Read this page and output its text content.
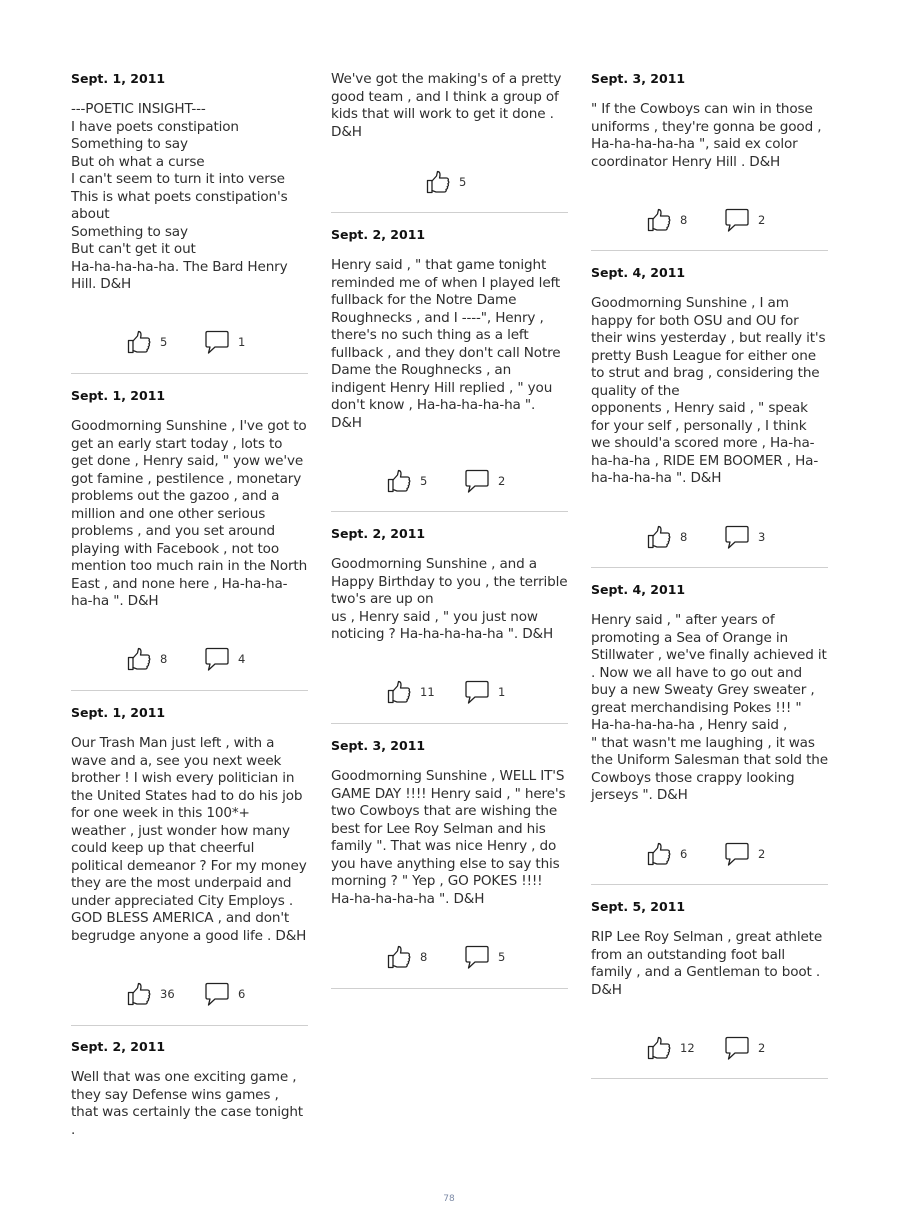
Sept. 1, 2011
---POETIC INSIGHT---
I have poets constipation
Something to say
But oh what a curse
I can't seem to turn it into verse
This is what poets constipation's about
Something to say
But can't get it out
Ha-ha-ha-ha-ha. The Bard Henry Hill. D&H
5	1
Sept. 1, 2011
Goodmorning Sunshine , I've got to get an early start today , lots to get done , Henry said, " yow we've got famine , pestilence , monetary problems out the gazoo , and a million and one other serious problems , and you set around playing with Facebook , not too mention too much rain in the North East , and none here , Ha-ha-ha-ha-ha ". D&H
8	4
Sept. 1, 2011
Our Trash Man just left , with a wave and a, see you next week brother ! I wish every politician in the United States had to do his job for one week in this 100*+ weather , just wonder how many could keep up that cheerful political demeanor ? For my money they are the most underpaid and under appreciated City Employs . GOD BLESS AMERICA , and don't begrudge anyone a good life . D&H
36	6
Sept. 2, 2011
Well that was one exciting game , they say Defense wins games , that was certainly the case tonight .
We've got the making's of a pretty good team , and I think a group of kids that will work to get it done . D&H
5
Sept. 2, 2011
Henry said , " that game tonight reminded me of when I played left fullback for the Notre Dame Roughnecks , and I ----", Henry , there's no such thing as a left fullback , and they don't call Notre Dame the Roughnecks , an indigent Henry Hill replied , " you don't know , Ha-ha-ha-ha-ha ". D&H
5	2
Sept. 2, 2011
Goodmorning Sunshine , and a Happy Birthday to you , the terrible two's are up on
us , Henry said , " you just now noticing ? Ha-ha-ha-ha-ha ". D&H
11	1
Sept. 3, 2011
Goodmorning Sunshine , WELL IT'S GAME DAY !!!! Henry said , " here's two Cowboys that are wishing the best for Lee Roy Selman and his family ". That was nice Henry , do you have anything else to say this morning ? " Yep , GO POKES !!!! Ha-ha-ha-ha-ha ". D&H
8	5
Sept. 3, 2011
" If the Cowboys can win in those uniforms , they're gonna be good , Ha-ha-ha-ha-ha ", said ex color coordinator Henry Hill . D&H
8	2
Sept. 4, 2011
Goodmorning Sunshine , I am happy for both OSU and OU for their wins yesterday , but really it's pretty Bush League for either one to strut and brag , considering the quality of the
opponents , Henry said , " speak for your self , personally , I think we should'a scored more , Ha-ha-ha-ha-ha , RIDE EM BOOMER , Ha-ha-ha-ha-ha ". D&H
8	3
Sept. 4, 2011
Henry said , " after years of promoting a Sea of Orange in Stillwater , we've finally achieved it . Now we all have to go out and buy a new Sweaty Grey sweater , great merchandising Pokes !!! " Ha-ha-ha-ha-ha , Henry said ,
" that wasn't me laughing , it was the Uniform Salesman that sold the Cowboys those crappy looking jerseys ". D&H
6	2
Sept. 5, 2011
RIP Lee Roy Selman , great athlete from an outstanding foot ball family , and a Gentleman to boot . D&H
12	2
78
